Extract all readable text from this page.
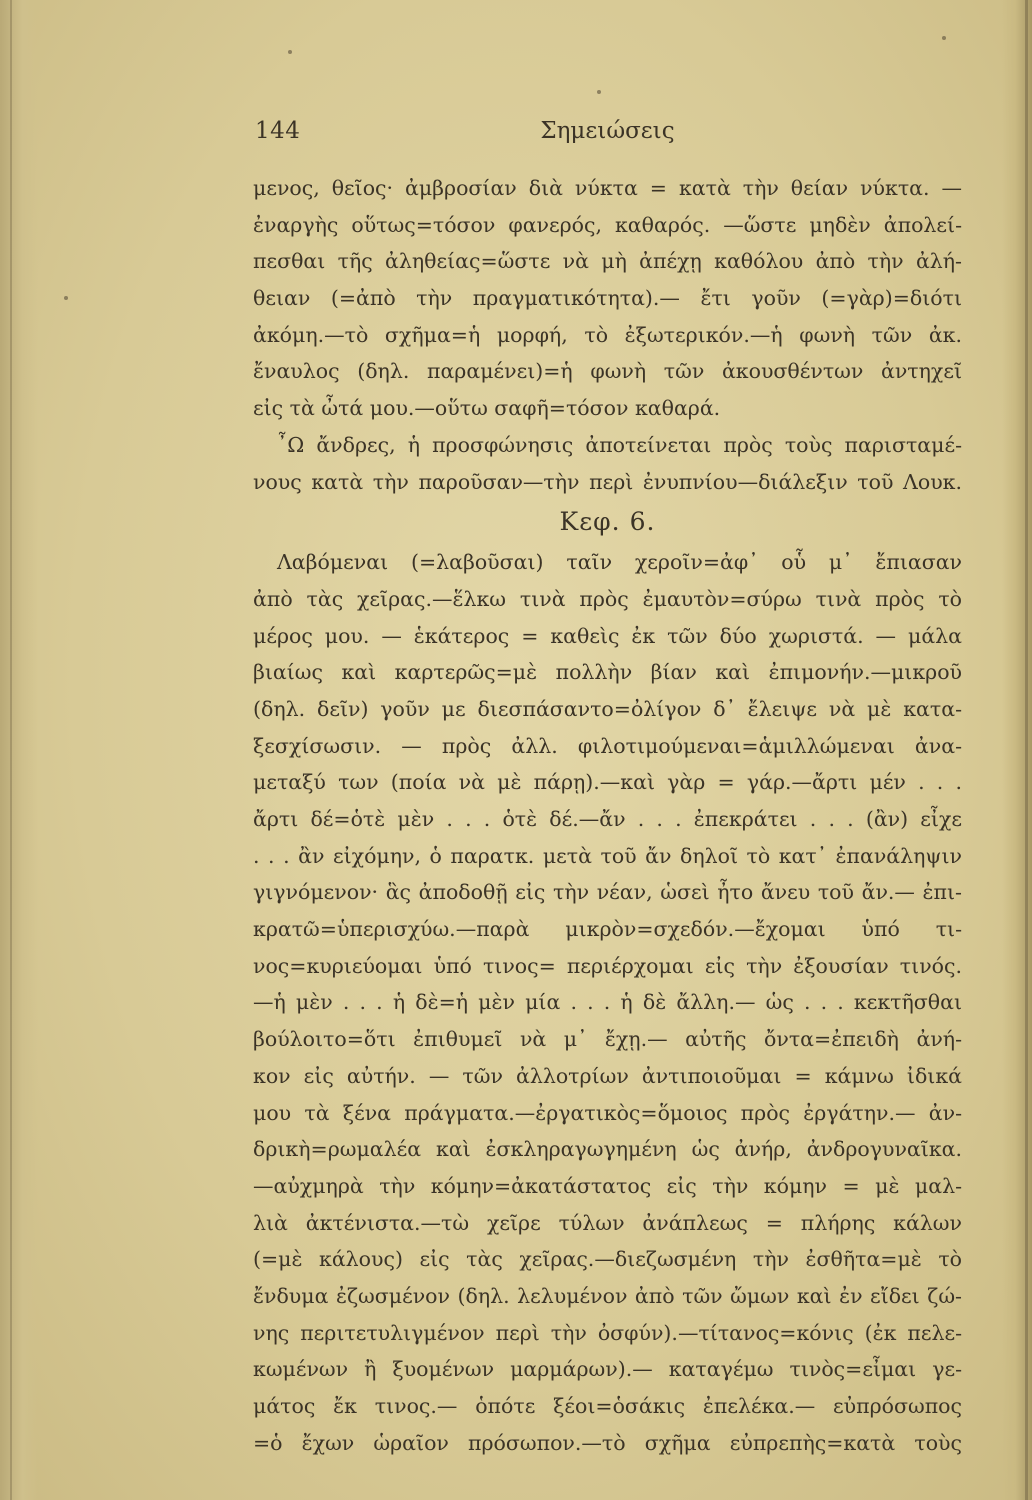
144	Σημειώσεις
μενος, θεῖος· ἀμβροσίαν διὰ νύκτα = κατὰ τὴν θείαν νύκτα. —
ἐναργὴς οὕτως=τόσον φανερός, καθαρός. —ὥστε μηδὲν ἀπολεί-
πεσθαι τῆς ἀληθείας=ὥστε νὰ μὴ ἀπέχῃ καθόλου ἀπὸ τὴν ἀλή-
θειαν (=ἀπὸ τὴν πραγματικότητα).— ἔτι γοῦν (=γὰρ)=διότι
ἀκόμη.—τὸ σχῆμα=ἡ μορφή, τὸ ἐξωτερικόν.—ἡ φωνὴ τῶν ἀκ.
ἔναυλος (δηλ. παραμένει)=ἡ φωνὴ τῶν ἀκουσθέντων ἀντηχεῖ
εἰς τὰ ὦτά μου.—οὕτω σαφῆ=τόσον καθαρά.
῏Ω ἄνδρες, ἡ προσφώνησις ἀποτείνεται πρὸς τοὺς παρισταμέ-
νους κατὰ τὴν παροῦσαν—τὴν περὶ ἐνυπνίου—διάλεξιν τοῦ Λουκ.
Κεφ. 6.
Λαβόμεναι (=λαβοῦσαι) ταῖν χεροῖν=ἀφ᾽ οὗ μ᾽ ἔπιασαν
ἀπὸ τὰς χεῖρας.—ἕλκω τινὰ πρὸς ἐμαυτὸν=σύρω τινὰ πρὸς τὸ
μέρος μου. — ἑκάτερος = καθεὶς ἐκ τῶν δύο χωριστά. — μάλα
βιαίως καὶ καρτερῶς=μὲ πολλὴν βίαν καὶ ἐπιμονήν.—μικροῦ
(δηλ. δεῖν) γοῦν με διεσπάσαντο=ὀλίγον δ᾽ ἔλειψε νὰ μὲ κατα-
ξεσχίσωσιν. — πρὸς ἀλλ. φιλοτιμούμεναι=ἁμιλλώμεναι ἀνα-
μεταξύ των (ποία νὰ μὲ πάρῃ).—καὶ γὰρ = γάρ.—ἄρτι μέν . . .
ἄρτι δέ=ὁτὲ μὲν . . . ὁτὲ δέ.—ἄν . . . ἐπεκράτει . . . (ἂν) εἶχε
. . . ἂν εἰχόμην, ὁ παρατκ. μετὰ τοῦ ἄν δηλοῖ τὸ κατ᾽ ἐπανάληψιν
γιγνόμενον· ἃς ἀποδοθῇ εἰς τὴν νέαν, ὡσεὶ ἦτο ἄνευ τοῦ ἄν.— ἐπι-
κρατῶ=ὑπερισχύω.—παρὰ μικρὸν=σχεδόν.—ἔχομαι ὑπό τι-
νος=κυριεύομαι ὑπό τινος= περιέρχομαι εἰς τὴν ἐξουσίαν τινός.
—ἡ μὲν . . . ἡ δὲ=ἡ μὲν μία . . . ἡ δὲ ἄλλη.— ὡς . . . κεκτῆσθαι
βούλοιτο=ὅτι ἐπιθυμεῖ νὰ μ᾽ ἔχῃ.— αὐτῆς ὄντα=ἐπειδὴ ἀνή-
κον εἰς αὐτήν. — τῶν ἀλλοτρίων ἀντιποιοῦμαι = κάμνω ἰδικά
μου τὰ ξένα πράγματα.—ἐργατικὸς=ὅμοιος πρὸς ἐργάτην.— ἀν-
δρικὴ=ρωμαλέα καὶ ἐσκληραγωγημένη ὡς ἀνήρ, ἀνδρογυναῖκα.
—αὐχμηρὰ τὴν κόμην=ἀκατάστατος εἰς τὴν κόμην = μὲ μαλ-
λιὰ ἀκτένιστα.—τὼ χεῖρε τύλων ἀνάπλεως = πλήρης κάλων
(=μὲ κάλους) εἰς τὰς χεῖρας.—διεζωσμένη τὴν ἐσθῆτα=μὲ τὸ
ἔνδυμα ἐζωσμένον (δηλ. λελυμένον ἀπὸ τῶν ὤμων καὶ ἐν εἴδει ζώ-
νης περιτετυλιγμένον περὶ τὴν ὀσφύν).—τίτανος=κόνις (ἐκ πελε-
κωμένων ἢ ξυομένων μαρμάρων).— καταγέμω τινὸς=εἶμαι γε-
μάτος ἔκ τινος.— ὁπότε ξέοι=ὁσάκις ἐπελέκα.— εὐπρόσωπος
=ὁ ἔχων ὡραῖον πρόσωπον.—τὸ σχῆμα εὐπρεπὴς=κατὰ τοὺς
